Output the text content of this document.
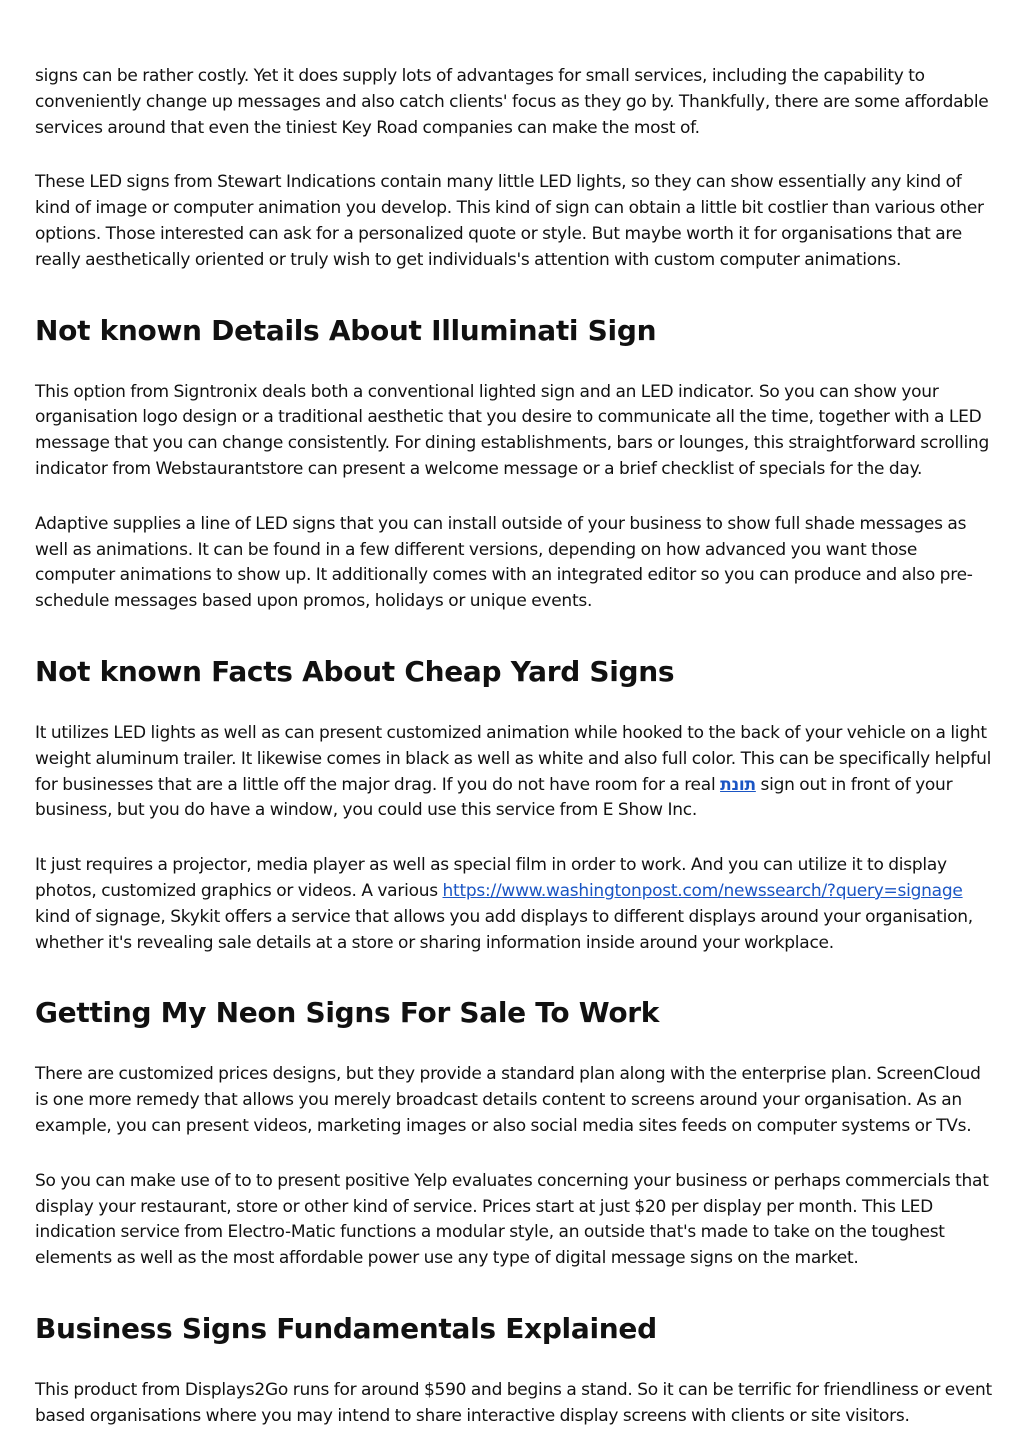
signs can be rather costly. Yet it does supply lots of advantages for small services, including the capability to conveniently change up messages and also catch clients' focus as they go by. Thankfully, there are some affordable services around that even the tiniest Key Road companies can make the most of.

These LED signs from Stewart Indications contain many little LED lights, so they can show essentially any kind of kind of image or computer animation you develop. This kind of sign can obtain a little bit costlier than various other options. Those interested can ask for a personalized quote or style. But maybe worth it for organisations that are really aesthetically oriented or truly wish to get individuals's attention with custom computer animations.

Not known Details About Illuminati Sign

This option from Signtronix deals both a conventional lighted sign and an LED indicator. So you can show your organisation logo design or a traditional aesthetic that you desire to communicate all the time, together with a LED message that you can change consistently. For dining establishments, bars or lounges, this straightforward scrolling indicator from Webstaurantstore can present a welcome message or a brief checklist of specials for the day.

Adaptive supplies a line of LED signs that you can install outside of your business to show full shade messages as well as animations. It can be found in a few different versions, depending on how advanced you want those computer animations to show up. It additionally comes with an integrated editor so you can produce and also pre-schedule messages based upon promos, holidays or unique events.

Not known Facts About Cheap Yard Signs

It utilizes LED lights as well as can present customized animation while hooked to the back of your vehicle on a light weight aluminum trailer. It likewise comes in black as well as white and also full color. This can be specifically helpful for businesses that are a little off the major drag. If you do not have room for a real תונת sign out in front of your business, but you do have a window, you could use this service from E Show Inc.

It just requires a projector, media player as well as special film in order to work. And you can utilize it to display photos, customized graphics or videos. A various https://www.washingtonpost.com/newssearch/?query=signage kind of signage, Skykit offers a service that allows you add displays to different displays around your organisation, whether it's revealing sale details at a store or sharing information inside around your workplace.

Getting My Neon Signs For Sale To Work

There are customized prices designs, but they provide a standard plan along with the enterprise plan. ScreenCloud is one more remedy that allows you merely broadcast details content to screens around your organisation. As an example, you can present videos, marketing images or also social media sites feeds on computer systems or TVs.

So you can make use of to to present positive Yelp evaluates concerning your business or perhaps commercials that display your restaurant, store or other kind of service. Prices start at just $20 per display per month. This LED indication service from Electro-Matic functions a modular style, an outside that's made to take on the toughest elements as well as the most affordable power use any type of digital message signs on the market.

Business Signs Fundamentals Explained

This product from Displays2Go runs for around $590 and begins a stand. So it can be terrific for friendliness or event based organisations where you may intend to share interactive display screens with clients or site visitors.
